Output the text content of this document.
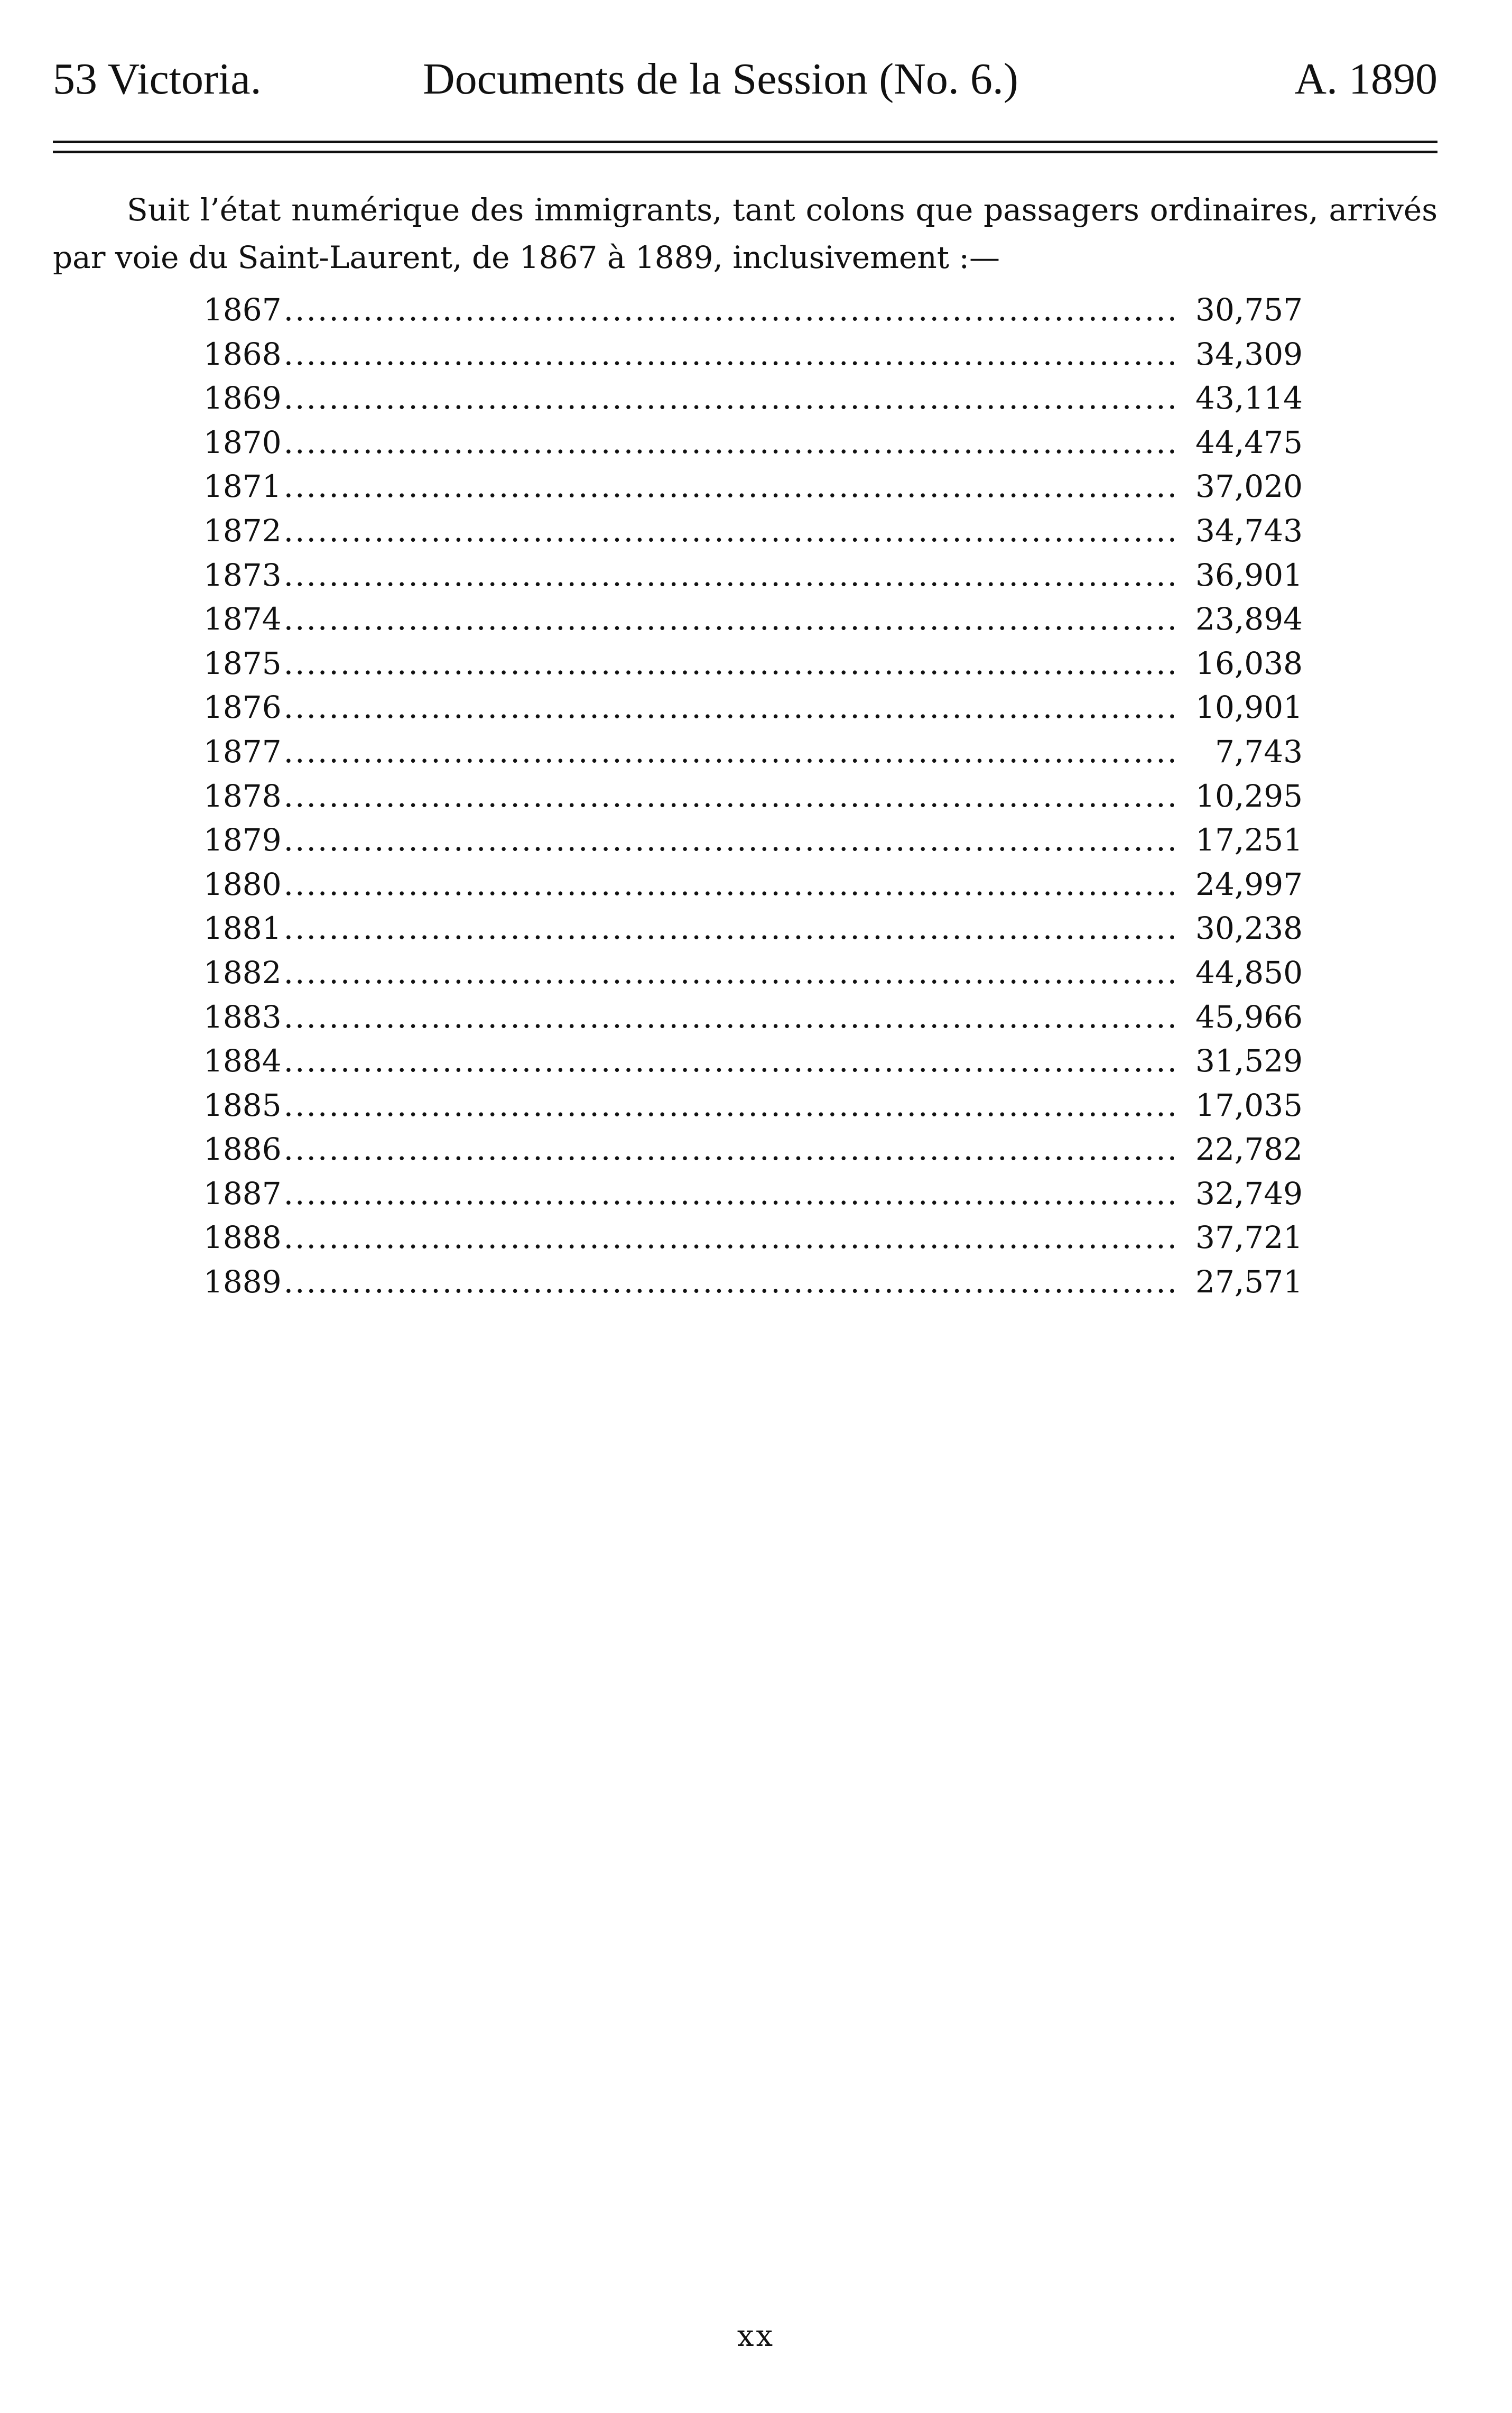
53 Victoria.	Documents de la Session (No. 6.)	A. 1890

Suit l’état numérique des immigrants, tant colons que passagers ordinaires, arrivés par voie du Saint-Laurent, de 1867 à 1889, inclusivement :—

1867 .....	30,757
1868 .....	34,309
1869 .....	43,114
1870 .....	44,475
1871 .....	37,020
1872 .....	34,743
1873 .....	36,901
1874 .....	23,894
1875 .....	16,038
1876 .....	10,901
1877 .....	7,743
1878 .....	10,295
1879 .....	17,251
1880 .....	24,997
1881 .....	30,238
1882 .....	44,850
1883 .....	45,966
1884 .....	31,529
1885 .....	17,035
1886 .....	22,782
1887 .....	32,749
1888 .....	37,721
1889 .....	27,571
xx
